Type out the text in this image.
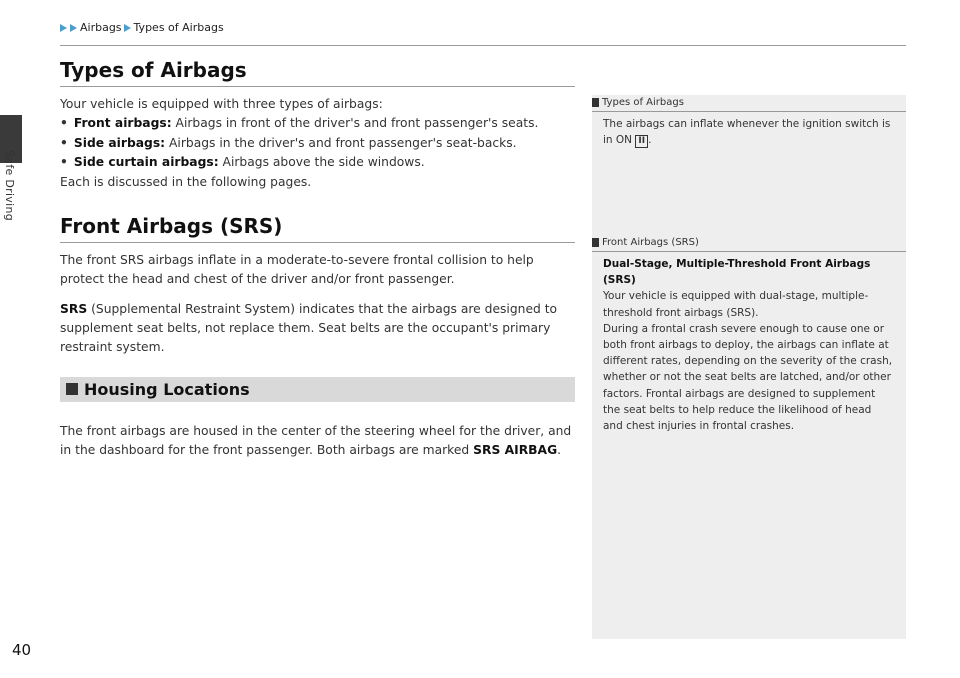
Safe Driving
Airbags Types of Airbags
Types of Airbags

Your vehicle is equipped with three types of airbags:

• Front airbags: Airbags in front of the driver's and front passenger's seats.
• Side airbags: Airbags in the driver's and front passenger's seat-backs.
• Side curtain airbags: Airbags above the side windows.

Each is discussed in the following pages.

Front Airbags (SRS)

The front SRS airbags inflate in a moderate-to-severe frontal collision to help protect the head and chest of the driver and/or front passenger.

SRS (Supplemental Restraint System) indicates that the airbags are designed to supplement seat belts, not replace them. Seat belts are the occupant's primary restraint system.

Housing Locations

The front airbags are housed in the center of the steering wheel for the driver, and in the dashboard for the front passenger. Both airbags are marked SRS AIRBAG.

Types of Airbags

The airbags can inflate whenever the ignition switch is in ON II .

Front Airbags (SRS)

Dual-Stage, Multiple-Threshold Front Airbags (SRS)

Your vehicle is equipped with dual-stage, multiple-threshold front airbags (SRS).

During a frontal crash severe enough to cause one or both front airbags to deploy, the airbags can inflate at different rates, depending on the severity of the crash, whether or not the seat belts are latched, and/or other factors. Frontal airbags are designed to supplement the seat belts to help reduce the likelihood of head and chest injuries in frontal crashes.

40
